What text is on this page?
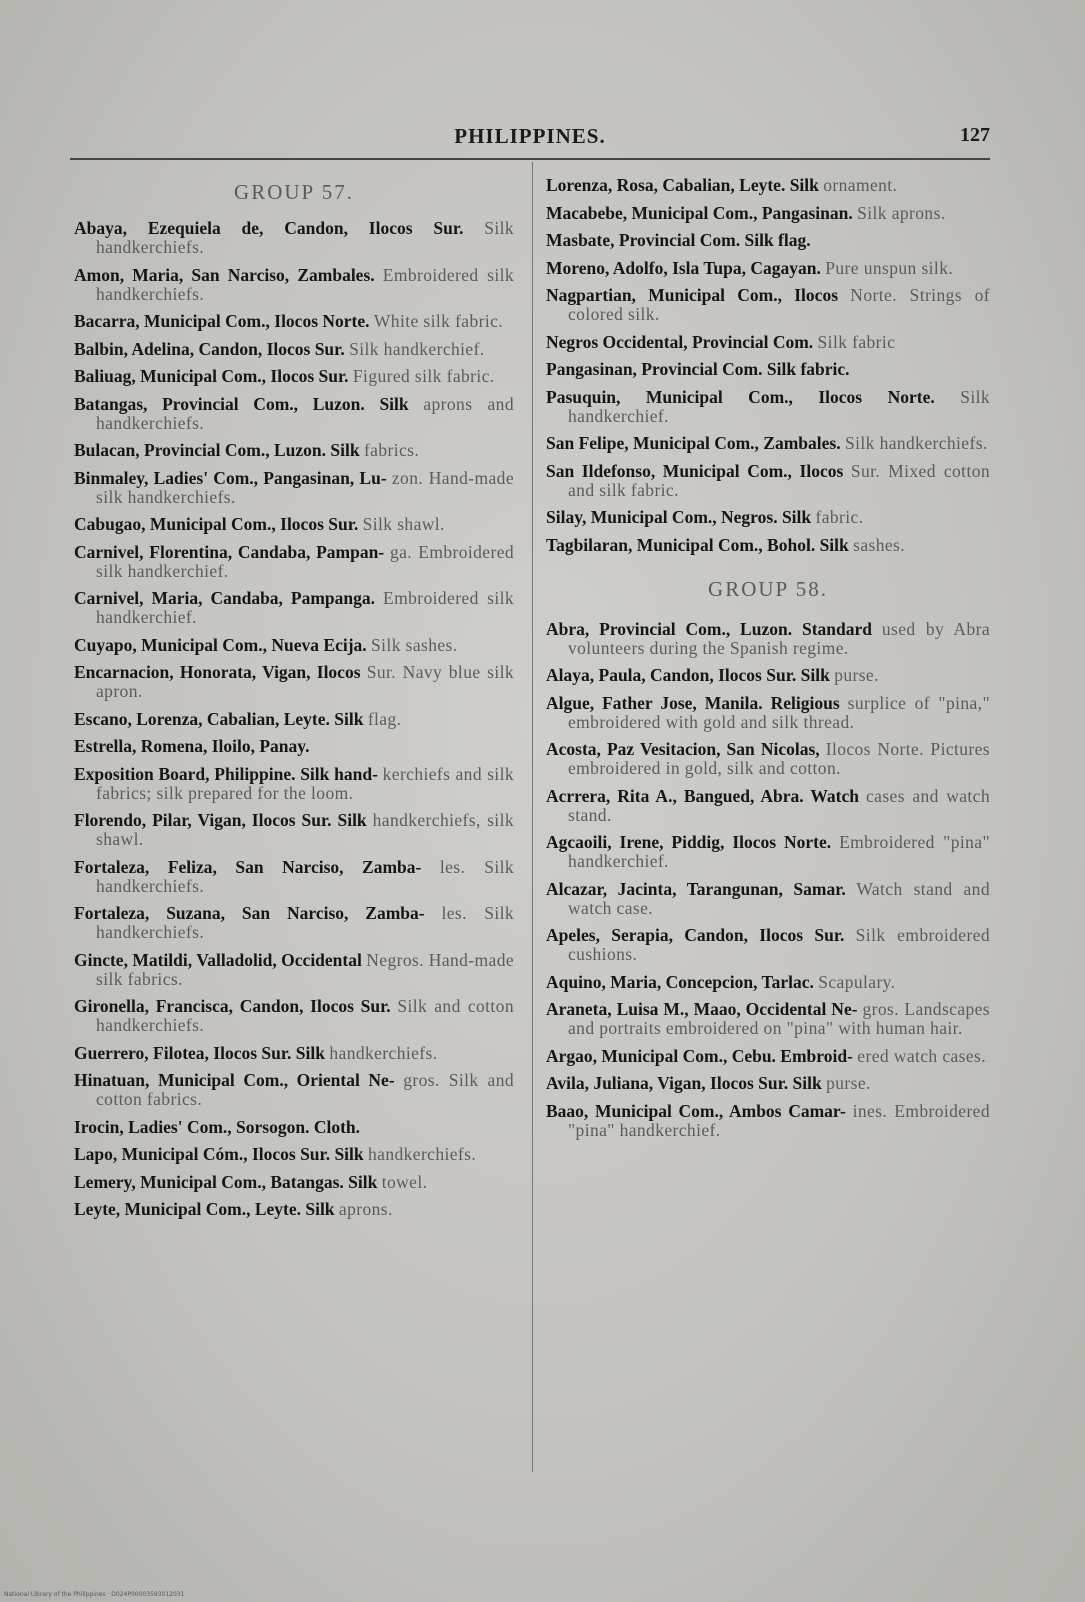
PHILIPPINES.	127
GROUP 57.

Abaya, Ezequiela de, Candon, Ilocos Sur. Silk handkerchiefs.

Amon, Maria, San Narciso, Zambales. Embroidered silk handkerchiefs.

Bacarra, Municipal Com., Ilocos Norte. White silk fabric.

Balbin, Adelina, Candon, Ilocos Sur. Silk handkerchief.

Baliuag, Municipal Com., Ilocos Sur. Figured silk fabric.

Batangas, Provincial Com., Luzon. Silk aprons and handkerchiefs.

Bulacan, Provincial Com., Luzon. Silk fabrics.

Binmaley, Ladies' Com., Pangasinan, Lu- zon. Hand-made silk handkerchiefs.

Cabugao, Municipal Com., Ilocos Sur. Silk shawl.

Carnivel, Florentina, Candaba, Pampan- ga. Embroidered silk handkerchief.

Carnivel, Maria, Candaba, Pampanga. Embroidered silk handkerchief.

Cuyapo, Municipal Com., Nueva Ecija. Silk sashes.

Encarnacion, Honorata, Vigan, Ilocos Sur. Navy blue silk apron.

Escano, Lorenza, Cabalian, Leyte. Silk flag.

Estrella, Romena, Iloilo, Panay.

Exposition Board, Philippine. Silk hand- kerchiefs and silk fabrics; silk prepared for the loom.

Florendo, Pilar, Vigan, Ilocos Sur. Silk handkerchiefs, silk shawl.

Fortaleza, Feliza, San Narciso, Zamba- les. Silk handkerchiefs.

Fortaleza, Suzana, San Narciso, Zamba- les. Silk handkerchiefs.

Gincte, Matildi, Valladolid, Occidental Negros. Hand-made silk fabrics.

Gironella, Francisca, Candon, Ilocos Sur. Silk and cotton handkerchiefs.

Guerrero, Filotea, Ilocos Sur. Silk handkerchiefs.

Hinatuan, Municipal Com., Oriental Ne- gros. Silk and cotton fabrics.

Irocin, Ladies' Com., Sorsogon. Cloth.

Lapo, Municipal Cóm., Ilocos Sur. Silk handkerchiefs.

Lemery, Municipal Com., Batangas. Silk towel.

Leyte, Municipal Com., Leyte. Silk aprons.

Lorenza, Rosa, Cabalian, Leyte. Silk ornament.

Macabebe, Municipal Com., Pangasinan. Silk aprons.

Masbate, Provincial Com. Silk flag.

Moreno, Adolfo, Isla Tupa, Cagayan. Pure unspun silk.

Nagpartian, Municipal Com., Ilocos Norte. Strings of colored silk.

Negros Occidental, Provincial Com. Silk fabric

Pangasinan, Provincial Com. Silk fabric.

Pasuquin, Municipal Com., Ilocos Norte. Silk handkerchief.

San Felipe, Municipal Com., Zambales. Silk handkerchiefs.

San Ildefonso, Municipal Com., Ilocos Sur. Mixed cotton and silk fabric.

Silay, Municipal Com., Negros. Silk fabric.

Tagbilaran, Municipal Com., Bohol. Silk sashes.

GROUP 58.

Abra, Provincial Com., Luzon. Standard used by Abra volunteers during the Spanish regime.

Alaya, Paula, Candon, Ilocos Sur. Silk purse.

Algue, Father Jose, Manila. Religious surplice of "pina," embroidered with gold and silk thread.

Acosta, Paz Vesitacion, San Nicolas, Ilocos Norte. Pictures embroidered in gold, silk and cotton.

Acrrera, Rita A., Bangued, Abra. Watch cases and watch stand.

Agcaoili, Irene, Piddig, Ilocos Norte. Embroidered "pina" handkerchief.

Alcazar, Jacinta, Tarangunan, Samar. Watch stand and watch case.

Apeles, Serapia, Candon, Ilocos Sur. Silk embroidered cushions.

Aquino, Maria, Concepcion, Tarlac. Scapulary.

Araneta, Luisa M., Maao, Occidental Ne- gros. Landscapes and portraits embroidered on "pina" with human hair.

Argao, Municipal Com., Cebu. Embroid- ered watch cases.

Avila, Juliana, Vigan, Ilocos Sur. Silk purse.

Baao, Municipal Com., Ambos Camar- ines. Embroidered "pina" handkerchief.

National Library of the Philippines · D024P00003593012031
